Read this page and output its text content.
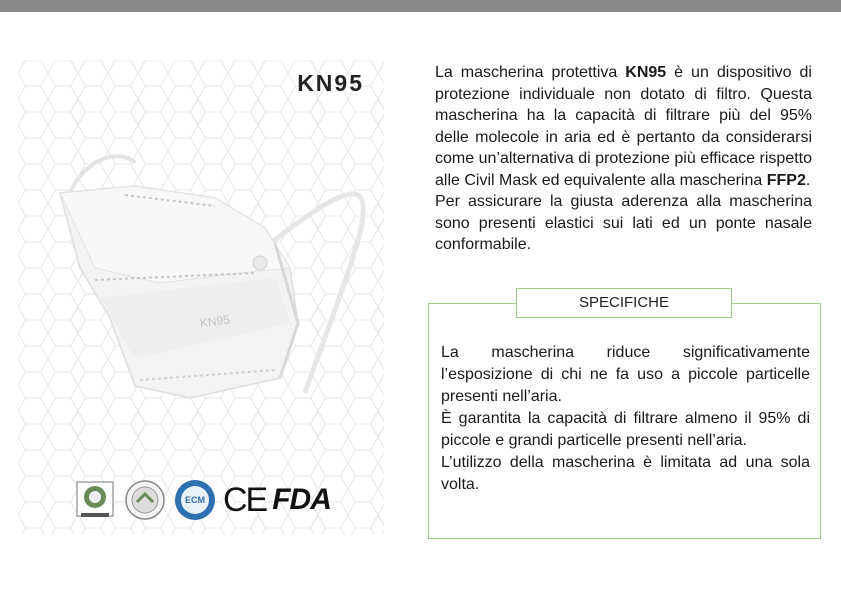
KN95
KN95
ECM CE FDA

La mascherina protettiva KN95 è un dispositivo di protezione individuale non dotato di filtro. Questa mascherina ha la capacità di filtrare più del 95% delle molecole in aria ed è pertanto da considerarsi come un’alternativa di protezione più efficace rispetto alle Civil Mask ed equivalente alla mascherina FFP2.

Per assicurare la giusta aderenza alla mascherina sono presenti elastici sui lati ed un ponte nasale conformabile.

SPECIFICHE

La mascherina riduce significativamente l’esposizione di chi ne fa uso a piccole particelle presenti nell’aria.

È garantita la capacità di filtrare almeno il 95% di piccole e grandi particelle presenti nell’aria.

L’utilizzo della mascherina è limitata ad una sola volta.
